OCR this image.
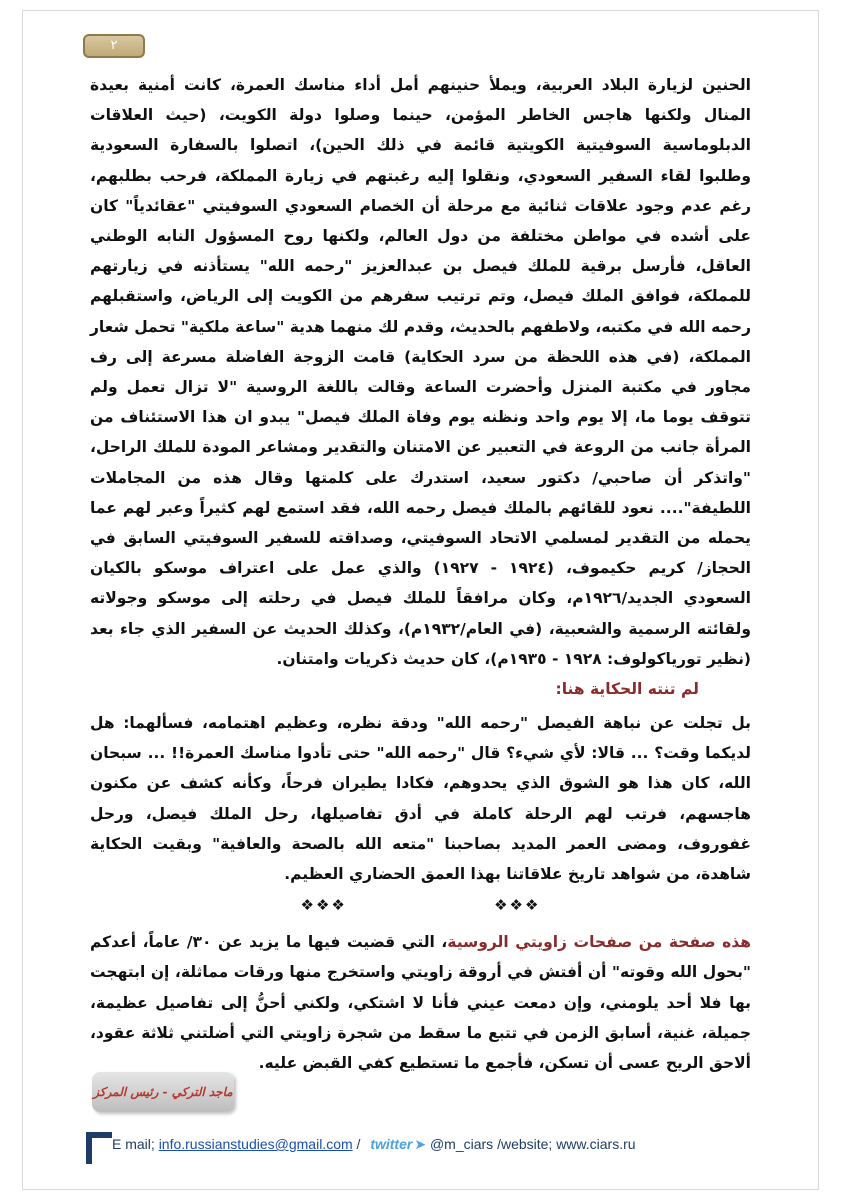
٢

الحنين لزيارة البلاد العربية، ويملأ حنينهم أمل أداء مناسك العمرة، كانت أمنية بعيدة المنال ولكنها هاجس الخاطر المؤمن، حينما وصلوا دولة الكويت، (حيث العلاقات الدبلوماسية السوفيتية الكويتية قائمة في ذلك الحين)، اتصلوا بالسفارة السعودية وطلبوا لقاء السفير السعودي، ونقلوا إليه رغبتهم في زيارة المملكة، فرحب بطلبهم، رغم عدم وجود علاقات ثنائية مع مرحلة أن الخصام السعودي السوفيتي "عقائدياً" كان على أشده في مواطن مختلفة من دول العالم، ولكنها روح المسؤول النابه الوطني العاقل، فأرسل برقية للملك فيصل بن عبدالعزيز "رحمه الله" يستأذنه في زيارتهم للمملكة، فوافق الملك فيصل، وتم ترتيب سفرهم من الكويت إلى الرياض، واستقبلهم رحمه الله في مكتبه، ولاطفهم بالحديث، وقدم لك منهما هدية "ساعة ملكية" تحمل شعار المملكة، (في هذه اللحظة من سرد الحكاية) قامت الزوجة الفاضلة مسرعة إلى رف مجاور في مكتبة المنزل وأحضرت الساعة وقالت باللغة الروسية "لا تزال تعمل ولم تتوقف يوما ما، إلا يوم واحد ونظنه يوم وفاة الملك فيصل" يبدو ان هذا الاستئناف من المرأة جانب من الروعة في التعبير عن الامتنان والتقدير ومشاعر المودة للملك الراحل، "واتذكر أن صاحبي/ دكتور سعيد، استدرك على كلمتها وقال هذه من المجاملات اللطيفة".... نعود للقائهم بالملك فيصل رحمه الله، فقد استمع لهم كثيراً وعبر لهم عما يحمله من التقدير لمسلمي الاتحاد السوفيتي، وصداقته للسفير السوفيتي السابق في الحجاز/ كريم حكيموف، (١٩٢٤ - ١٩٢٧) والذي عمل على اعتراف موسكو بالكيان السعودي الجديد/١٩٢٦م، وكان مرافقاً للملك فيصل في رحلته إلى موسكو وجولاته ولقائته الرسمية والشعبية، (في العام/١٩٣٢م)، وكذلك الحديث عن السفير الذي جاء بعد (نظير تورياكولوف: ١٩٢٨ - ١٩٣٥م)، كان حديث ذكريات وامتنان.

لم تنته الحكاية هنا:

بل تجلت عن نباهة الفيصل "رحمه الله" ودقة نظره، وعظيم اهتمامه، فسألهما: هل لديكما وقت؟ ... قالا: لأي شيء؟ قال "رحمه الله" حتى تأدوا مناسك العمرة!! ... سبحان الله، كان هذا هو الشوق الذي يحدوهم، فكادا يطيران فرحاً، وكأنه كشف عن مكنون هاجسهم، فرتب لهم الرحلة كاملة في أدق تفاصيلها، رحل الملك فيصل، ورحل غفوروف، ومضى العمر المديد بصاحبنا "متعه الله بالصحة والعافية" وبقيت الحكاية شاهدة، من شواهد تاريخ علاقاتنا بهذا العمق الحضاري العظيم.

❖❖❖	❖❖❖

هذه صفحة من صفحات زاويتي الروسية، التي قضيت فيها ما يزيد عن ٣٠/ عاماً، أعدكم "بحول الله وقوته" أن أفتش في أروقة زاويتي واستخرج منها ورقات مماثلة، إن ابتهجت بها فلا أحد يلومني، وإن دمعت عيني فأنا لا اشتكي، ولكني أحنُّ إلى تفاصيل عظيمة، جميلة، غنية، أسابق الزمن في تتبع ما سقط من شجرة زاويتي التي أضلتني ثلاثة عقود، ألاحق الريح عسى أن تسكن، فأجمع ما تستطيع كفي القبض عليه.

ماجد التركي - رئيس المركز
E mail; info.russianstudies@gmail.com / twitter ➤ @m_ciars /website; www.ciars.ru
